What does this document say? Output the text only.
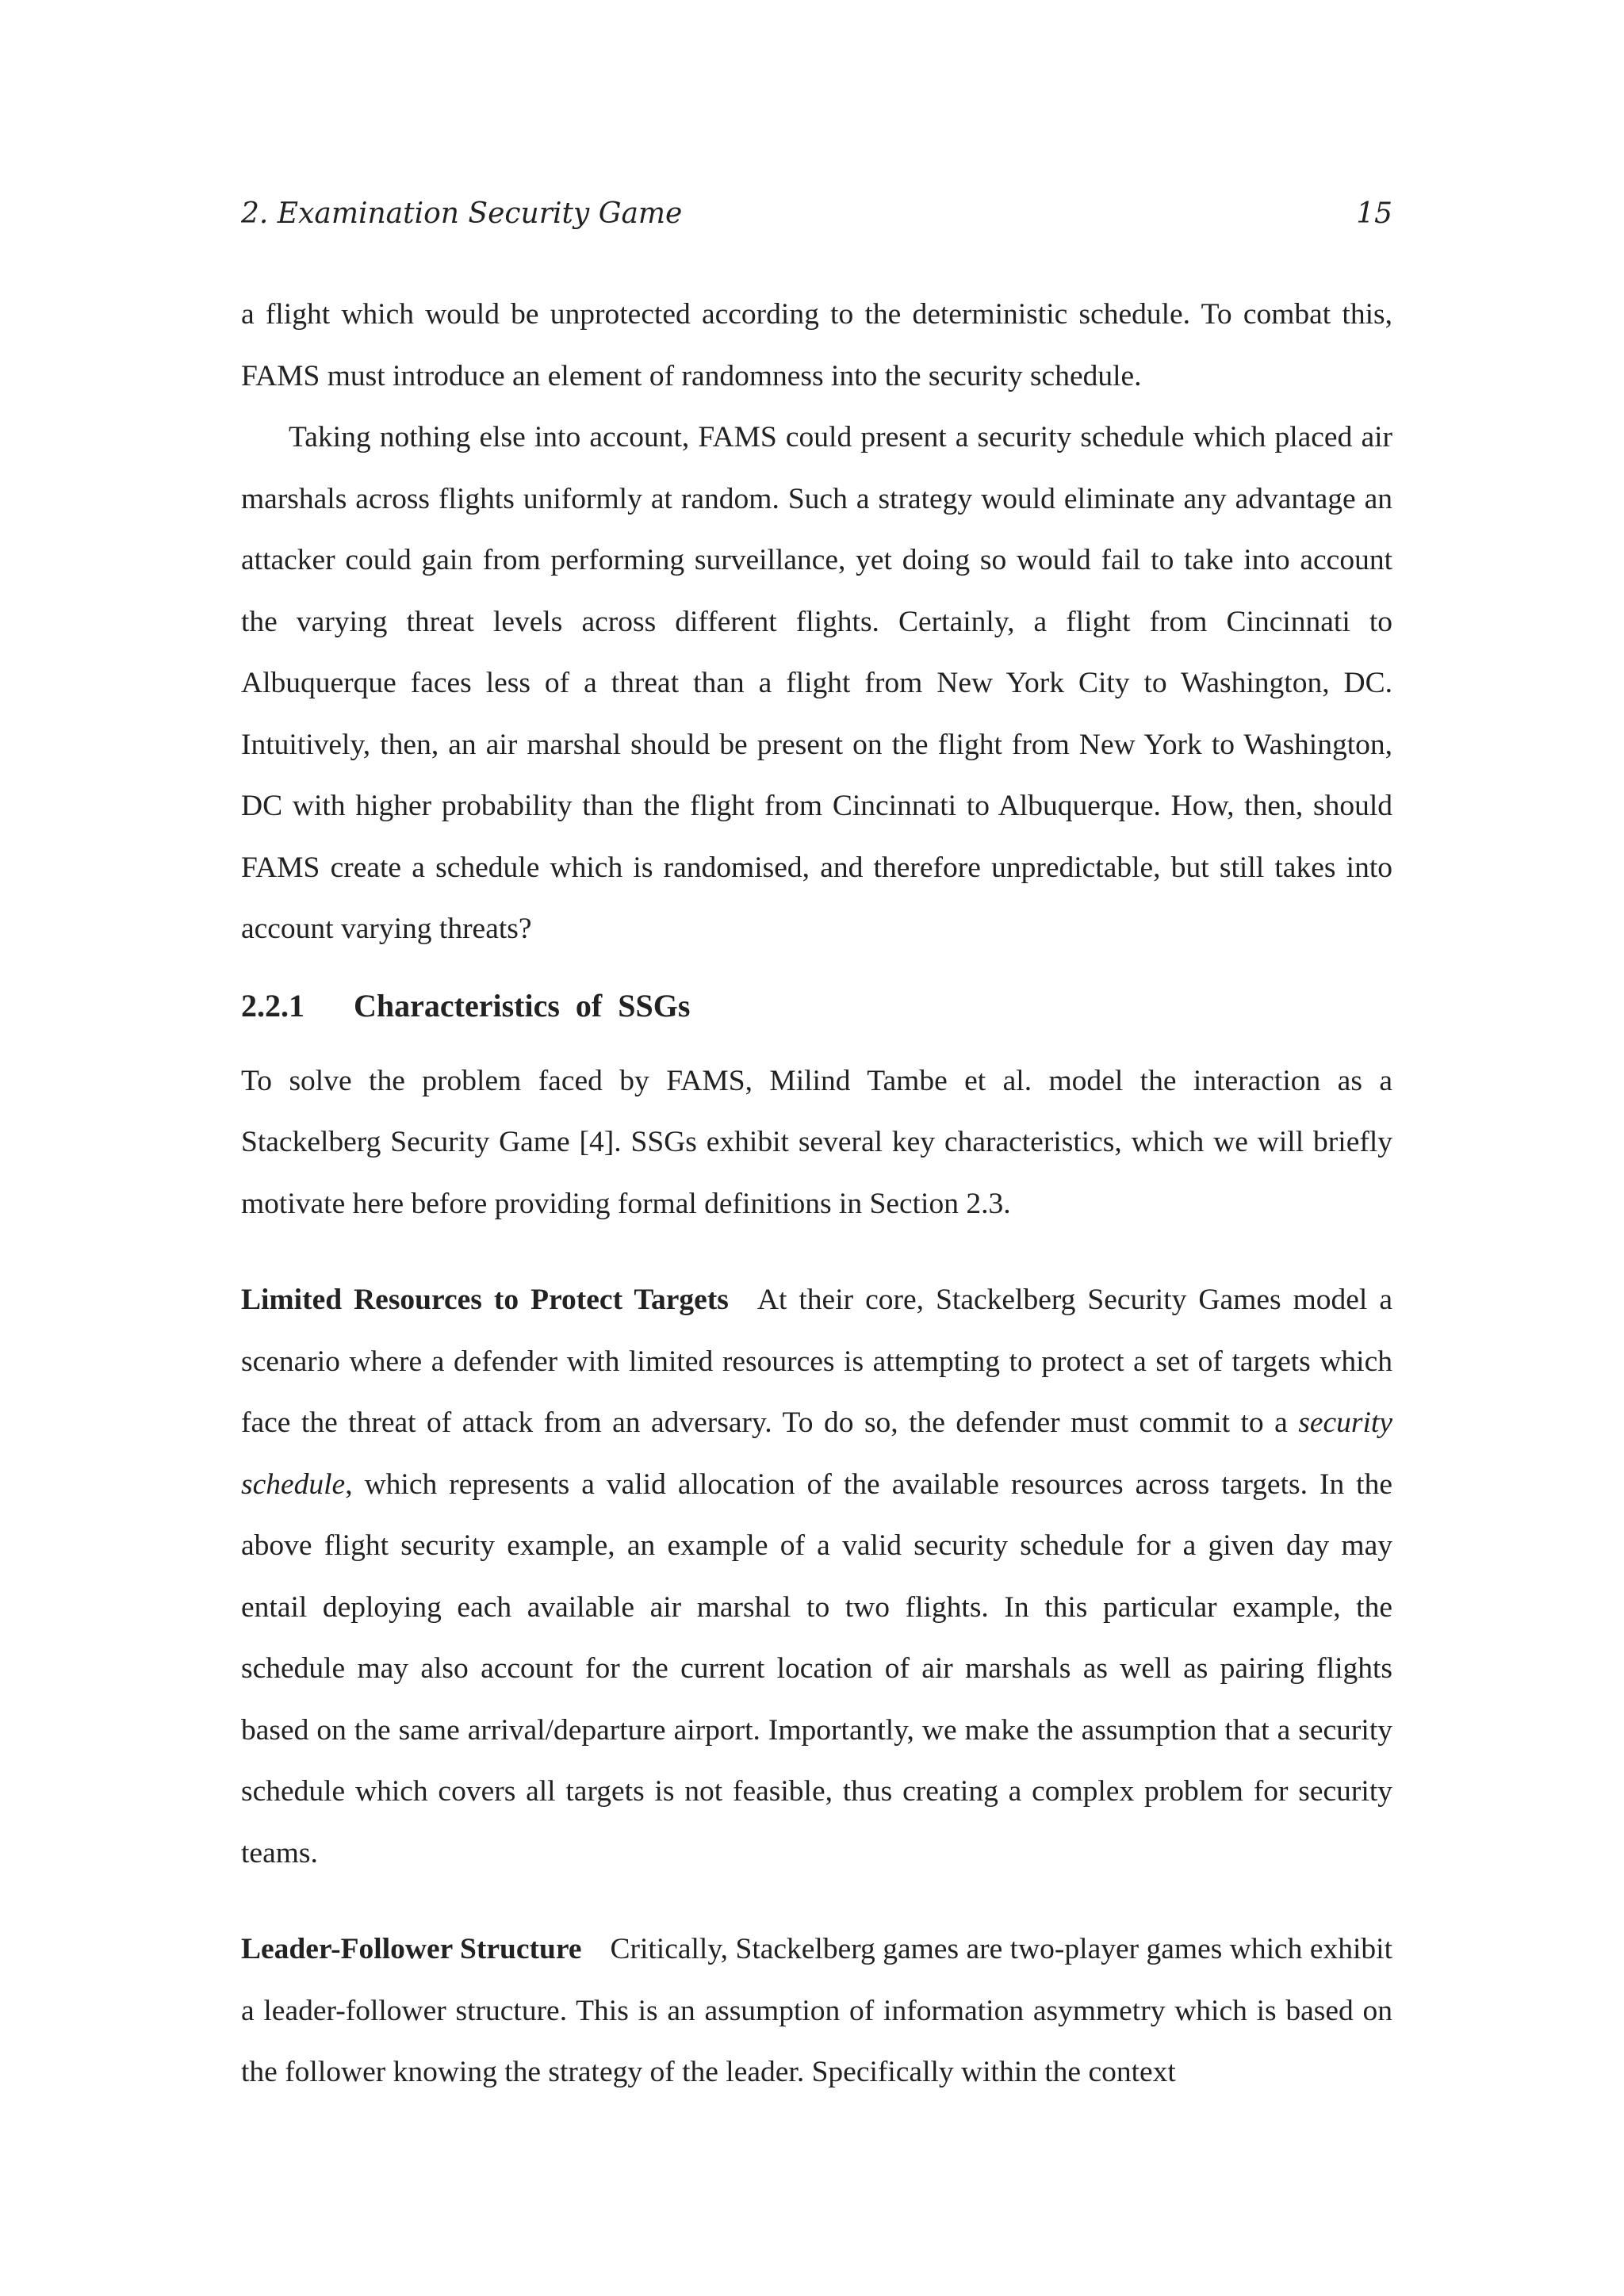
2. Examination Security Game	15

a flight which would be unprotected according to the deterministic schedule. To combat this, FAMS must introduce an element of randomness into the security schedule.

Taking nothing else into account, FAMS could present a security schedule which placed air marshals across flights uniformly at random. Such a strategy would eliminate any advantage an attacker could gain from performing surveillance, yet doing so would fail to take into account the varying threat levels across different flights. Certainly, a flight from Cincinnati to Albuquerque faces less of a threat than a flight from New York City to Washington, DC. Intuitively, then, an air marshal should be present on the flight from New York to Washington, DC with higher probability than the flight from Cincinnati to Albuquerque. How, then, should FAMS create a schedule which is randomised, and therefore unpredictable, but still takes into account varying threats?

2.2.1 Characteristics of SSGs

To solve the problem faced by FAMS, Milind Tambe et al. model the interaction as a Stackelberg Security Game [4]. SSGs exhibit several key characteristics, which we will briefly motivate here before providing formal definitions in Section 2.3.

Limited Resources to Protect Targets At their core, Stackelberg Security Games model a scenario where a defender with limited resources is attempting to protect a set of targets which face the threat of attack from an adversary. To do so, the defender must commit to a security schedule, which represents a valid allocation of the available resources across targets. In the above flight security example, an example of a valid security schedule for a given day may entail deploying each available air marshal to two flights. In this particular example, the schedule may also account for the current location of air marshals as well as pairing flights based on the same arrival/departure airport. Importantly, we make the assumption that a security schedule which covers all targets is not feasible, thus creating a complex problem for security teams.

Leader-Follower Structure Critically, Stackelberg games are two-player games which exhibit a leader-follower structure. This is an assumption of information asymmetry which is based on the follower knowing the strategy of the leader. Specifically within the context
